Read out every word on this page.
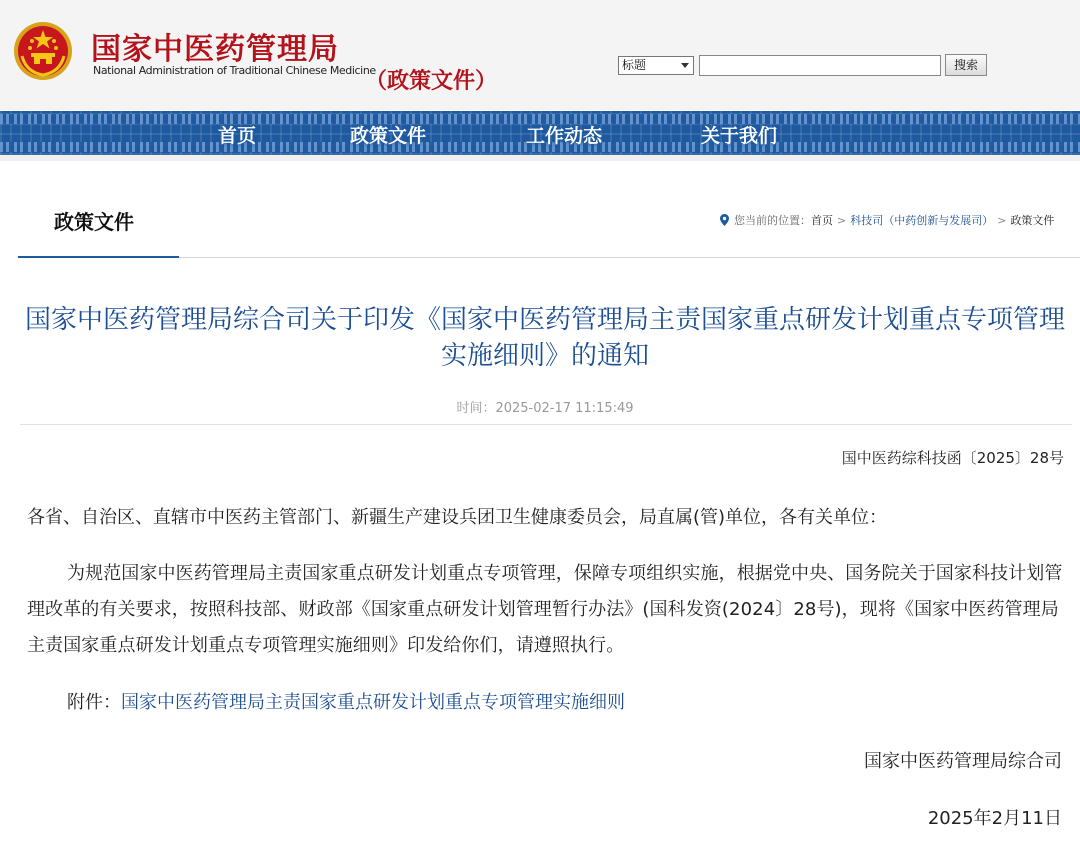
国家中医药管理局
National Administration of Traditional Chinese Medicine
（政策文件）
标题	搜索
首页	政策文件	工作动态	关于我们
政策文件	您当前的位置： 首页 > 科技司（中药创新与发展司） > 政策文件
国家中医药管理局综合司关于印发《国家中医药管理局主责国家重点研发计划重点专项管理实施细则》的通知
时间：2025-02-17 11:15:49
国中医药综科技函〔2025〕28号
各省、自治区、直辖市中医药主管部门、新疆生产建设兵团卫生健康委员会，局直属(管)单位，各有关单位：
为规范国家中医药管理局主责国家重点研发计划重点专项管理，保障专项组织实施，根据党中央、国务院关于国家科技计划管理改革的有关要求，按照科技部、财政部《国家重点研发计划管理暂行办法》(国科发资(2024〕28号)，现将《国家中医药管理局主责国家重点研发计划重点专项管理实施细则》印发给你们，请遵照执行。
附件：国家中医药管理局主责国家重点研发计划重点专项管理实施细则
国家中医药管理局综合司
2025年2月11日
